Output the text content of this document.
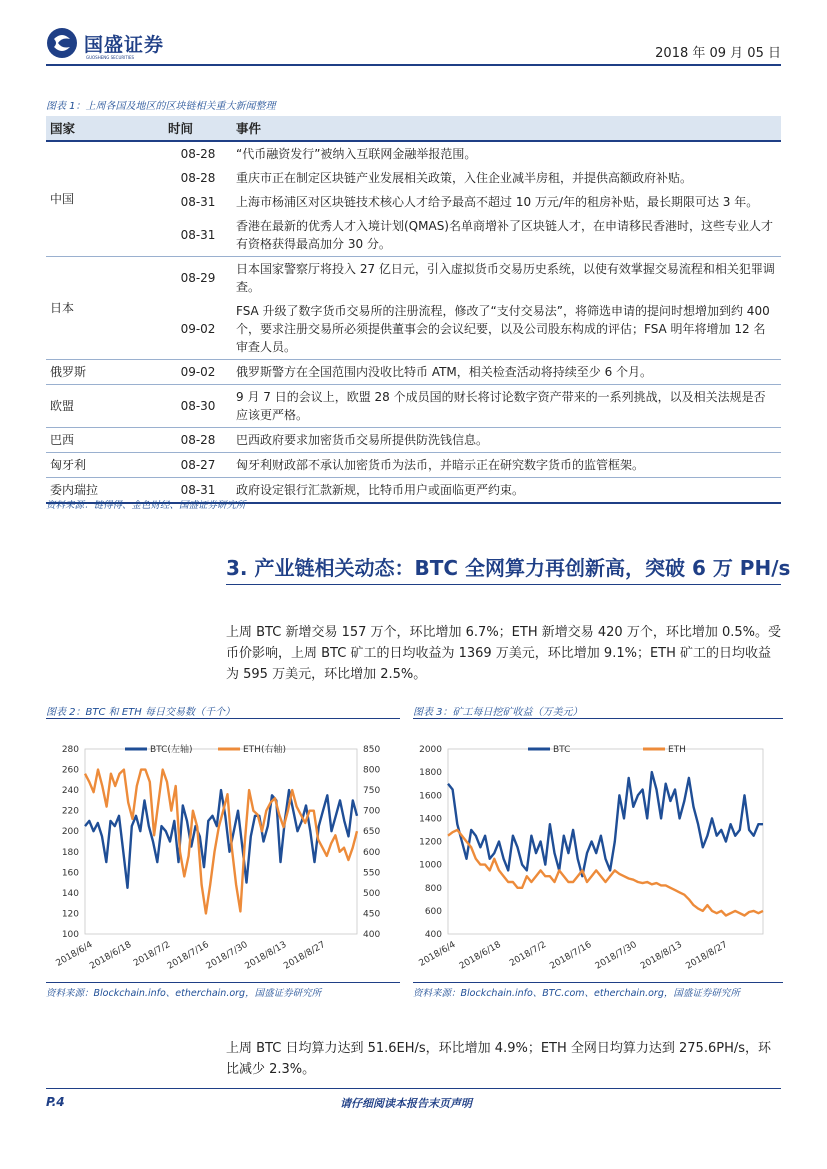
国盛证券
GUOSHENG SECURITIES	2018 年 09 月 05 日
图表 1：上周各国及地区的区块链相关重大新闻整理
国家	时间	事件
中国	08-28	“代币融资发行”被纳入互联网金融举报范围。
	08-28	重庆市正在制定区块链产业发展相关政策，入住企业减半房租，并提供高额政府补贴。
	08-31	上海市杨浦区对区块链技术核心人才给予最高不超过 10 万元/年的租房补贴，最长期限可达 3 年。
	08-31	香港在最新的优秀人才入境计划(QMAS)名单商增补了区块链人才，在申请移民香港时，这些专业人才有资格获得最高加分 30 分。
日本	08-29	日本国家警察厅将投入 27 亿日元，引入虚拟货币交易历史系统，以使有效掌握交易流程和相关犯罪调查。
	09-02	FSA 升级了数字货币交易所的注册流程，修改了“支付交易法”，将筛选申请的提问时想增加到约 400 个，要求注册交易所必须提供董事会的会议纪要，以及公司股东构成的评估；FSA 明年将增加 12 名审查人员。
俄罗斯	09-02	俄罗斯警方在全国范围内没收比特币 ATM，相关检查活动将持续至少 6 个月。
欧盟	08-30	9 月 7 日的会议上，欧盟 28 个成员国的财长将讨论数字资产带来的一系列挑战，以及相关法规是否应该更严格。
巴西	08-28	巴西政府要求加密货币交易所提供防洗钱信息。
匈牙利	08-27	匈牙利财政部不承认加密货币为法币，并暗示正在研究数字货币的监管框架。
委内瑞拉	08-31	政府设定银行汇款新规，比特币用户或面临更严约束。
资料来源：链得得、金色财经、国盛证券研究所
3. 产业链相关动态：BTC 全网算力再创新高，突破 6 万 PH/s
上周 BTC 新增交易 157 万个，环比增加 6.7%；ETH 新增交易 420 万个，环比增加 0.5%。受币价影响，上周 BTC 矿工的日均收益为 1369 万美元，环比增加 9.1%；ETH 矿工的日均收益为 595 万美元，环比增加 2.5%。
图表 2：BTC 和 ETH 每日交易数（千个）	图表 3：矿工每日挖矿收益（万美元）
100
120
140
160
180
200
220
240
260
280
400
450
500
550
600
650
700
750
800
850
2018/6/4
2018/6/18
2018/7/2
2018/7/16
2018/7/30
2018/8/13
2018/8/27
BTC(左轴)	ETH(右轴)
400
600
800
1000
1200
1400
1600
1800
2000
2018/6/4 2018/6/18 2018/7/2 2018/7/16 2018/7/30 2018/8/13 2018/8/27
BTC	ETH
资料来源：Blockchain.info、etherchain.org，国盛证券研究所	资料来源：Blockchain.info、BTC.com、etherchain.org，国盛证券研究所
上周 BTC 日均算力达到 51.6EH/s，环比增加 4.9%；ETH 全网日均算力达到 275.6PH/s，环比减少 2.3%。
P.4	请仔细阅读本报告末页声明
